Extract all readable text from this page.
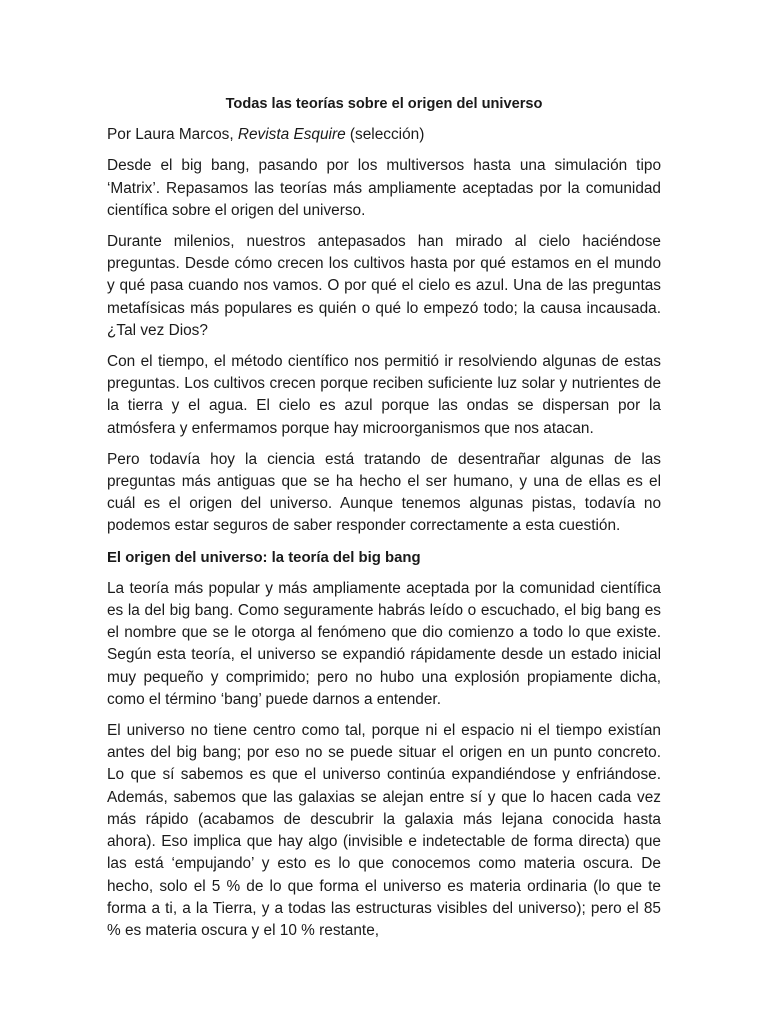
Todas las teorías sobre el origen del universo
Por Laura Marcos, Revista Esquire (selección)

Desde el big bang, pasando por los multiversos hasta una simulación tipo ‘Matrix’. Repasamos las teorías más ampliamente aceptadas por la comunidad científica sobre el origen del universo.

Durante milenios, nuestros antepasados han mirado al cielo haciéndose preguntas. Desde cómo crecen los cultivos hasta por qué estamos en el mundo y qué pasa cuando nos vamos. O por qué el cielo es azul. Una de las preguntas metafísicas más populares es quién o qué lo empezó todo; la causa incausada. ¿Tal vez Dios?

Con el tiempo, el método científico nos permitió ir resolviendo algunas de estas preguntas. Los cultivos crecen porque reciben suficiente luz solar y nutrientes de la tierra y el agua. El cielo es azul porque las ondas se dispersan por la atmósfera y enfermamos porque hay microorganismos que nos atacan.

Pero todavía hoy la ciencia está tratando de desentrañar algunas de las preguntas más antiguas que se ha hecho el ser humano, y una de ellas es el cuál es el origen del universo. Aunque tenemos algunas pistas, todavía no podemos estar seguros de saber responder correctamente a esta cuestión.

El origen del universo: la teoría del big bang

La teoría más popular y más ampliamente aceptada por la comunidad científica es la del big bang. Como seguramente habrás leído o escuchado, el big bang es el nombre que se le otorga al fenómeno que dio comienzo a todo lo que existe. Según esta teoría, el universo se expandió rápidamente desde un estado inicial muy pequeño y comprimido; pero no hubo una explosión propiamente dicha, como el término ‘bang’ puede darnos a entender.

El universo no tiene centro como tal, porque ni el espacio ni el tiempo existían antes del big bang; por eso no se puede situar el origen en un punto concreto. Lo que sí sabemos es que el universo continúa expandiéndose y enfriándose. Además, sabemos que las galaxias se alejan entre sí y que lo hacen cada vez más rápido (acabamos de descubrir la galaxia más lejana conocida hasta ahora). Eso implica que hay algo (invisible e indetectable de forma directa) que las está ‘empujando’ y esto es lo que conocemos como materia oscura. De hecho, solo el 5 % de lo que forma el universo es materia ordinaria (lo que te forma a ti, a la Tierra, y a todas las estructuras visibles del universo); pero el 85 % es materia oscura y el 10 % restante,
